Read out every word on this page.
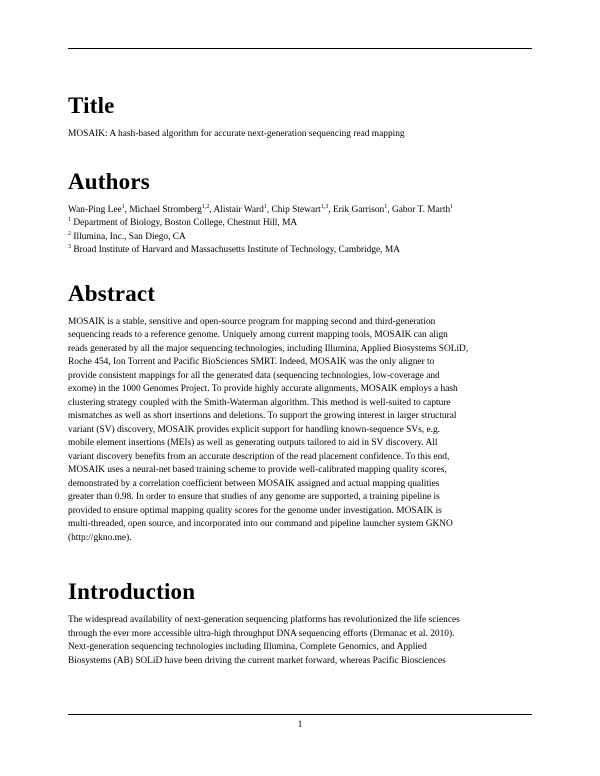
Title

MOSAIK: A hash-based algorithm for accurate next-generation sequencing read mapping

Authors

Wan-Ping Lee$^1$, Michael Stromberg$^{1,2}$, Alistair Ward$^1$, Chip Stewart$^{1,3}$, Erik Garrison$^1$, Gabor T. Marth$^1$

$^1$ Department of Biology, Boston College, Chestnut Hill, MA

$^2$ Illumina, Inc., San Diego, CA

$^3$ Broad Institute of Harvard and Massachusetts Institute of Technology, Cambridge, MA

Abstract

MOSAIK is a stable, sensitive and open-source program for mapping second and third-generation
sequencing reads to a reference genome. Uniquely among current mapping tools, MOSAIK can align
reads generated by all the major sequencing technologies, including Illumina, Applied Biosystems SOLiD,
Roche 454, Ion Torrent and Pacific BioSciences SMRT. Indeed, MOSAIK was the only aligner to
provide consistent mappings for all the generated data (sequencing technologies, low-coverage and
exome) in the 1000 Genomes Project. To provide highly accurate alignments, MOSAIK employs a hash
clustering strategy coupled with the Smith-Waterman algorithm. This method is well-suited to capture
mismatches as well as short insertions and deletions. To support the growing interest in larger structural
variant (SV) discovery, MOSAIK provides explicit support for handling known-sequence SVs, e.g.
mobile element insertions (MEIs) as well as generating outputs tailored to aid in SV discovery. All
variant discovery benefits from an accurate description of the read placement confidence. To this end,
MOSAIK uses a neural-net based training scheme to provide well-calibrated mapping quality scores,
demonstrated by a correlation coefficient between MOSAIK assigned and actual mapping qualities
greater than 0.98. In order to ensure that studies of any genome are supported, a training pipeline is
provided to ensure optimal mapping quality scores for the genome under investigation. MOSAIK is
multi-threaded, open source, and incorporated into our command and pipeline launcher system GKNO
(http://gkno.me).

Introduction

The widespread availability of next-generation sequencing platforms has revolutionized the life sciences
through the ever more accessible ultra-high throughput DNA sequencing efforts (Drmanac et al. 2010).
Next-generation sequencing technologies including Illumina, Complete Genomics, and Applied
Biosystems (AB) SOLiD have been driving the current market forward, whereas Pacific Biosciences

1
